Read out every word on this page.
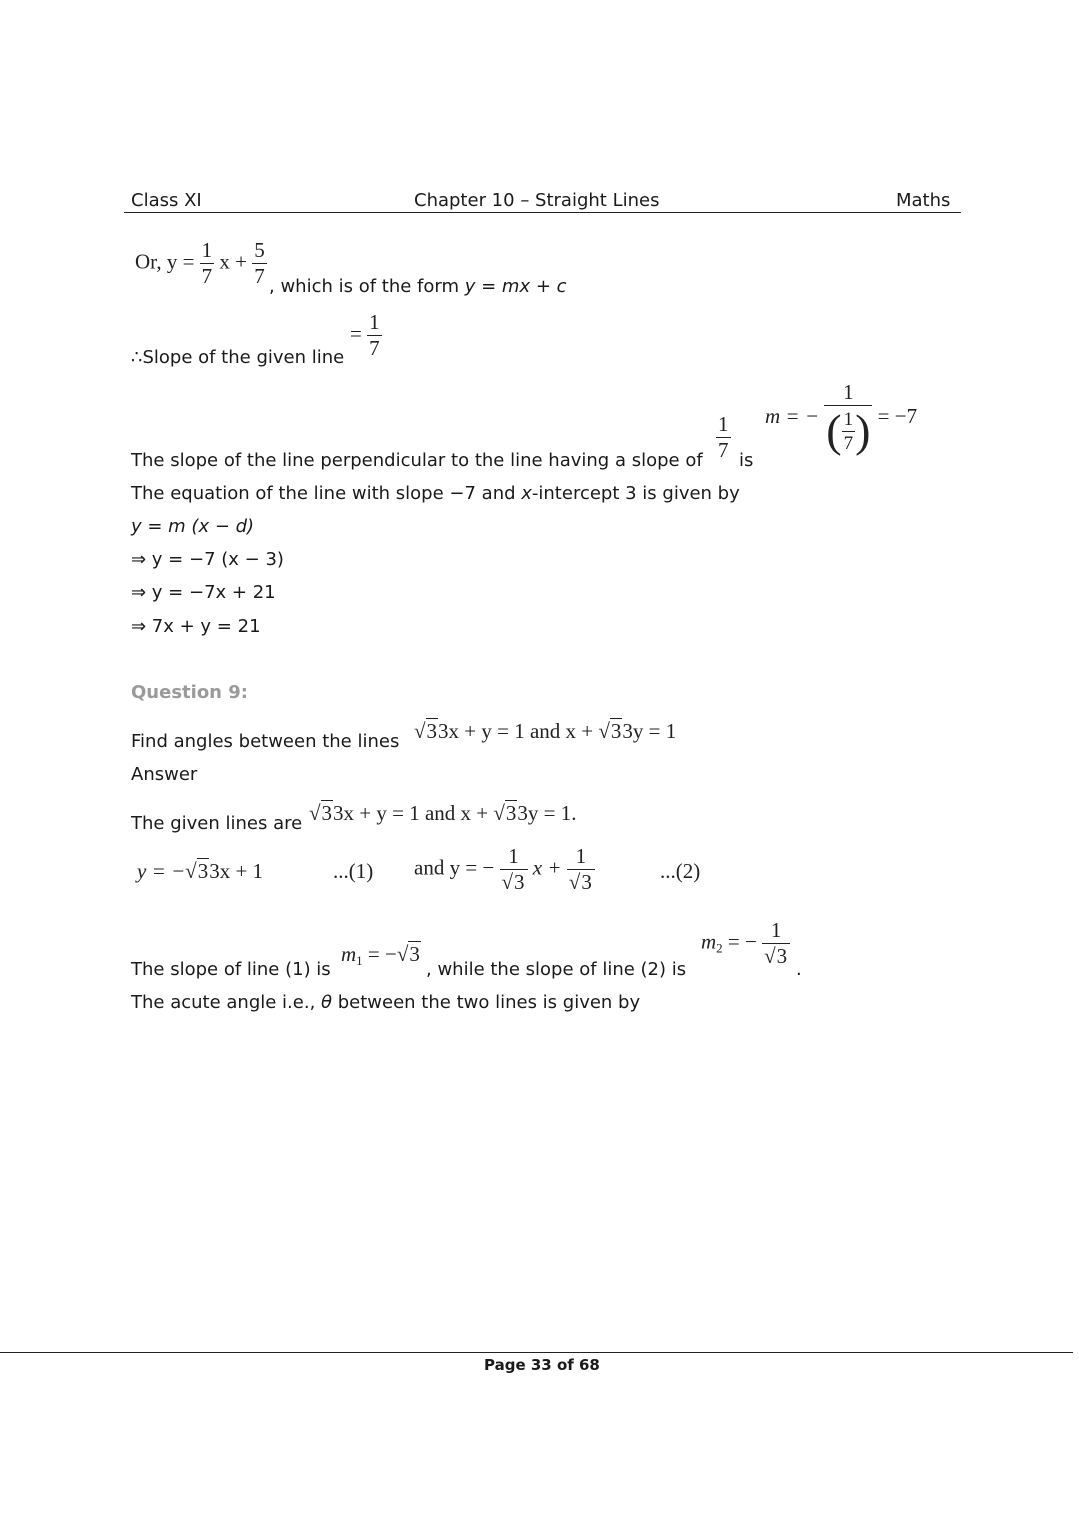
Class XI	Chapter 10 – Straight Lines	Maths
Or, $y = \frac{1}{7}$ $x + \frac{5}{7}$ , which is of the form y = mx + c
∴Slope of the given line
= $\frac{1}{7}$
m = − $\frac{1}{( \frac{1}{7} )} = -7$
The slope of the line perpendicular to the line having a slope of $\frac{1}{7}$ is
The equation of the line with slope −7 and x-intercept 3 is given by
y = m (x − d)
⇒ y = −7 (x − 3)
⇒ y = −7x + 21
⇒ 7x + y = 21
Question 9:
Find angles between the lines √33x + y = 1 and x + √33y = 1
Answer
The given lines are √33x + y = 1 and x + √33y = 1.
y = −√33x + 1	...(1) and y = − $\frac{1}{√3}$ $x + \frac{1}{√3}$	...(2)
The slope of line (1) is
$m_1 = -√3$
, while the slope of line (2) is
$m_2$ = − $\frac{1}{√3}$
.
The acute angle i.e., θ between the two lines is given by
Page 33 of 68
